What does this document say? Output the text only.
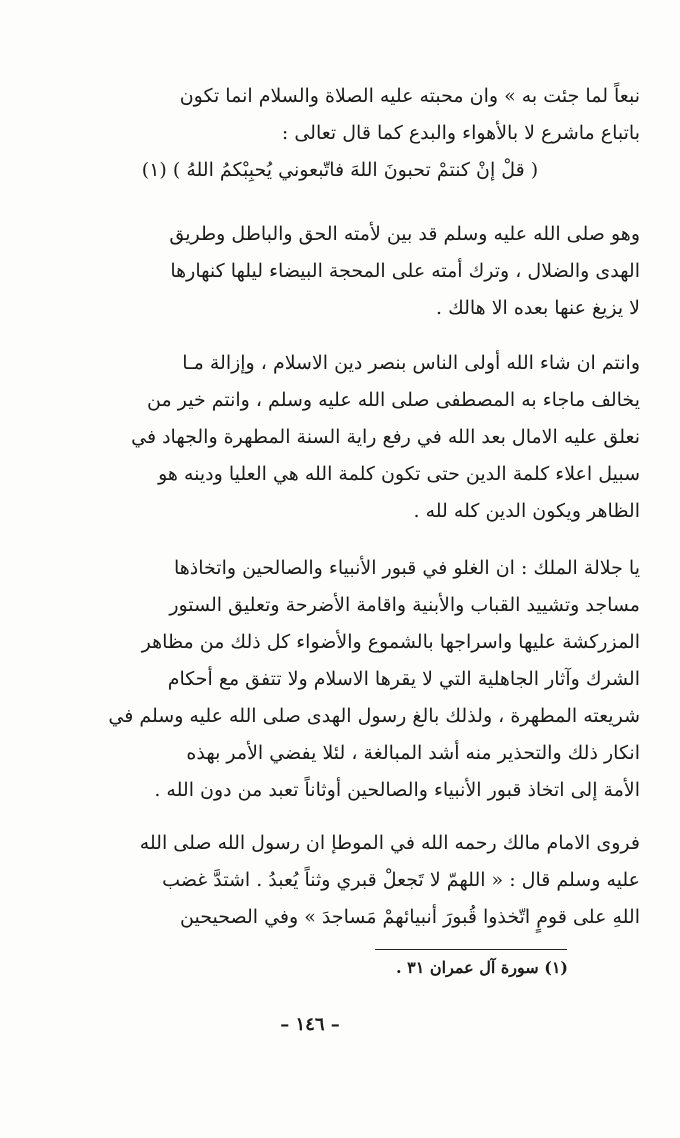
نبعاً لما جئت به » وان محبته عليه الصلاة والسلام انما تكون
باتباع ماشرع لا بالأهواء والبدع كما قال تعالى :
( قلْ إنْ كنتمْ تحبونَ اللهَ فاتّبعوني يُحبِبْكمُ اللهُ ) (١)
وهو صلى الله عليه وسلم قد بين لأمته الحق والباطل وطريق
الهدى والضلال ، وترك أمته على المحجة البيضاء ليلها كنهارها
لا يزيغ عنها بعده الا هالك .
وانتم ان شاء الله أولى الناس بنصر دين الاسلام ، وإزالة مـا
يخالف ماجاء به المصطفى صلى الله عليه وسلم ، وانتم خير من
نعلق عليه الامال بعد الله في رفع راية السنة المطهرة والجهاد في
سبيل اعلاء كلمة الدين حتى تكون كلمة الله هي العليا ودينه هو
الظاهر ويكون الدين كله لله .
يا جلالة الملك : ان الغلو في قبور الأنبياء والصالحين واتخاذها
مساجد وتشييد القباب والأبنية واقامة الأضرحة وتعليق الستور
المزركشة عليها واسراجها بالشموع والأضواء كل ذلك من مظاهر
الشرك وآثار الجاهلية التي لا يقرها الاسلام ولا تتفق مع أحكام
شريعته المطهرة ، ولذلك بالغ رسول الهدى صلى الله عليه وسلم في
انكار ذلك والتحذير منه أشد المبالغة ، لئلا يفضي الأمر بهذه
الأمة إلى اتخاذ قبور الأنبياء والصالحين أوثاناً تعبد من دون الله .
فروى الامام مالك رحمه الله في الموطإ ان رسول الله صلى الله
عليه وسلم قال : « اللهمّ لا تَجعلْ قبري وثناً يُعبدُ . اشتدَّ غضب
اللهِ على قومٍ اتّخذوا قُبورَ أنبيائهمْ مَساجدَ » وفي الصحيحين
(١) سورة آل عمران ٣١ .
– ١٤٦ –
